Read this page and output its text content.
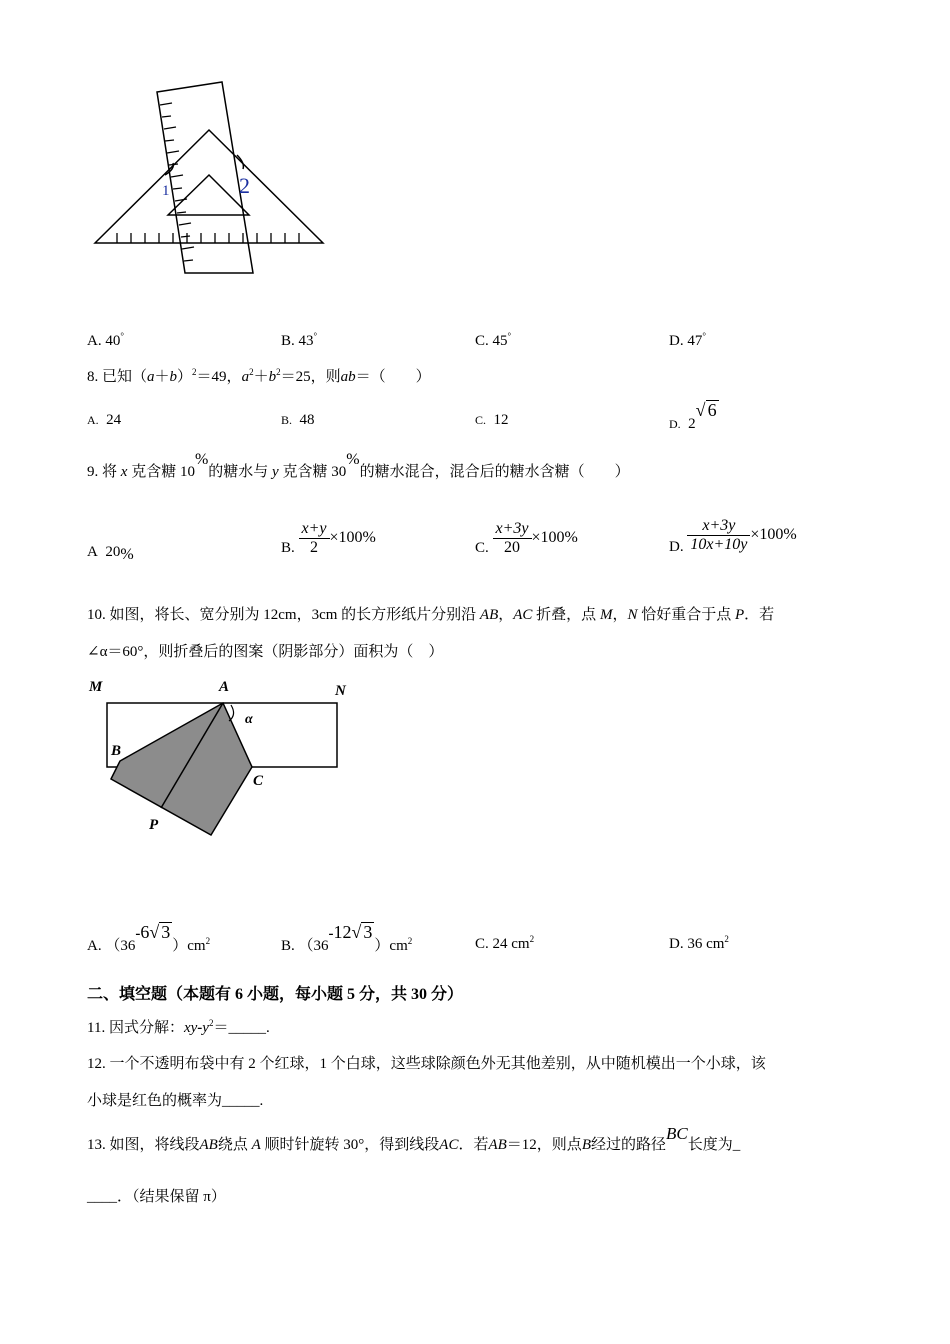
1	2
A. 40°	B. 43°	C. 45°	D. 47°
8. 已知$(a+b)^2=49$，$a^2+b^2=25$，则ab＝（　　）
A. 24	B. 48	C. 12	$_{D.}$ 2√ 6
9. 将 x 克含糖 10%的糖水与 y 克含糖 30%的糖水混合，混合后的糖水含糖（　　）
A 20%	B. $\frac{x+y}{2} \times 100\%$
C. $\frac{x+3y}{20} \times 100\%$
D. $\frac{x+3y}{10x+10y} \times 100\%$
10. 如图，将长、宽分别为 12cm，3cm 的长方形纸片分别沿 AB，AC 折叠，点 M，N 恰好重合于点 P．若
∠α＝60°，则折叠后的图案（阴影部分）面积为（　）
M	A	N
B
C
P
α
A. （36-6√ $3)cm^2$	B. （36-12√ $3)cm^2$	C. 24 $cm^2$	D. 36 $cm^2$
二、填空题（本题有 6 小题，每小题 5 分，共 30 分）
11. 因式分解：$xy-y^2=\_\_\_\_\_$.
12. 一个不透明布袋中有 2 个红球，1 个白球，这些球除颜色外无其他差别，从中随机模出一个小球，该
小球是红色的概率为_____.
13. 如图，将线段AB绕点 A 顺时针旋转 30°，得到线段AC．若AB＝12，则点B经过的路径BC长度为_
____．（结果保留 π）
